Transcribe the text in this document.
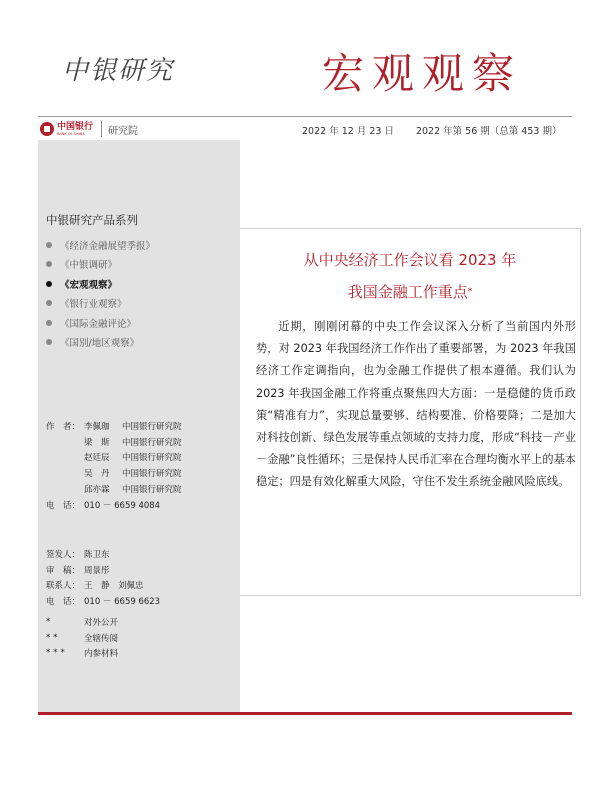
中银研究	宏观观察
中国银行
BANK OF CHINA	研究院	2022 年 12 月 23 日 2022 年第 56 期（总第 453 期）
中银研究产品系列
《经济金融展望季报》
《中银调研》
《宏观观察》
《银行业观察》
《国际金融评论》
《国别/地区观察》
作　者： 李佩珈	中国银行研究院
梁　斯	中国银行研究院
赵廷辰	中国银行研究院
吴　丹	中国银行研究院
邱亦霖	中国银行研究院
电　话： 010 － 6659 4084
签发人： 陈卫东
审　稿： 周景彤
联系人： 王　静　刘佩忠
电　话： 010 － 6659 6623
*	对外公开
**	全辖传阅
***	内参材料
从中央经济工作会议看 2023 年
我国金融工作重点*
近期，刚刚闭幕的中央工作会议深入分析了当前国内外形势，对 2023 年我国经济工作作出了重要部署，为 2023 年我国经济工作定调指向，也为金融工作提供了根本遵循。我们认为 2023 年我国金融工作将重点聚焦四大方面：一是稳健的货币政策“精准有力”，实现总量要够、结构要准、价格要降；二是加大对科技创新、绿色发展等重点领域的支持力度，形成“科技－产业－金融”良性循环；三是保持人民币汇率在合理均衡水平上的基本稳定；四是有效化解重大风险，守住不发生系统金融风险底线。
